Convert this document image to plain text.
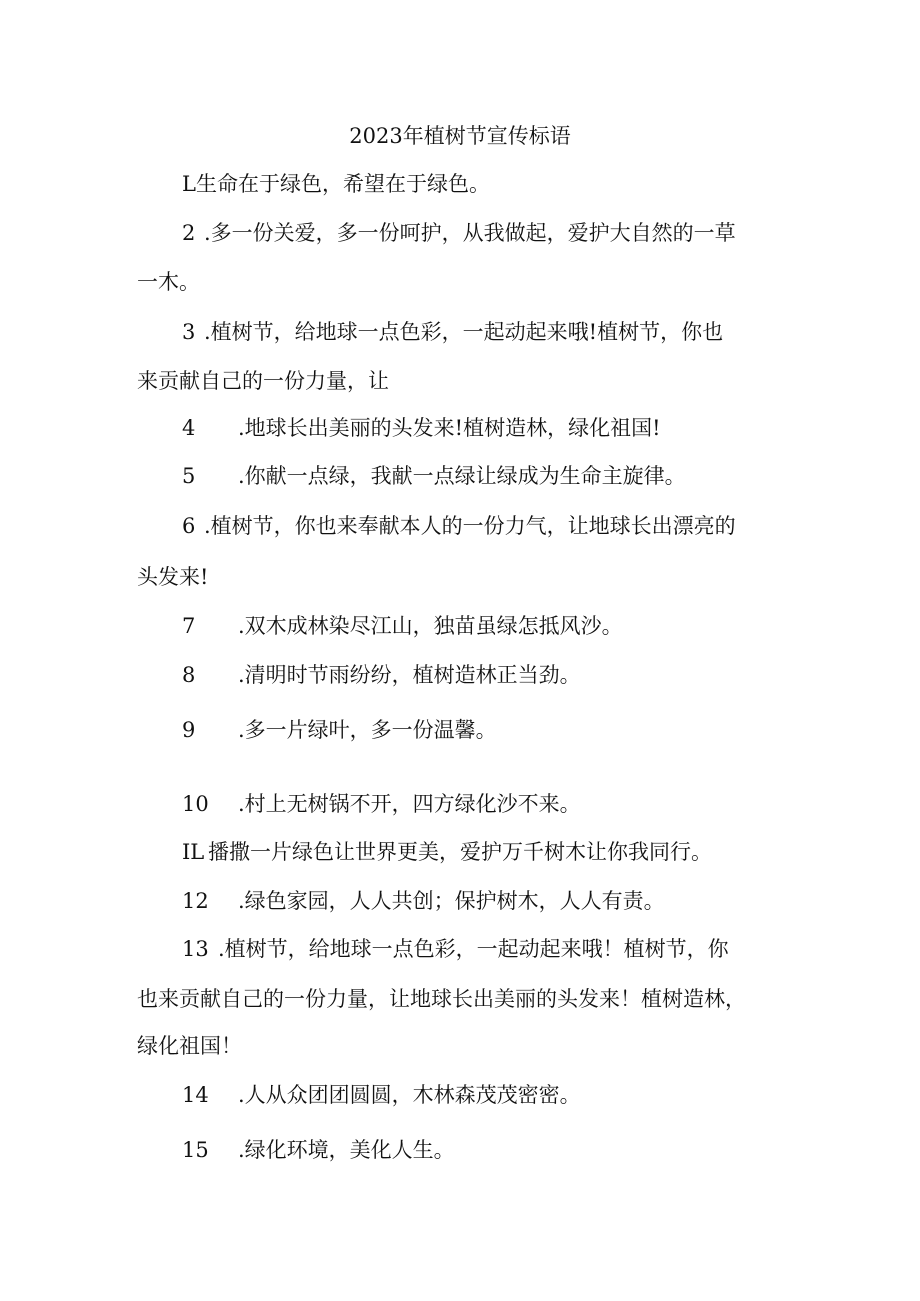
2023年植树节宣传标语
L生命在于绿色，希望在于绿色。
2 .多一份关爱，多一份呵护，从我做起，爱护大自然的一草
一木。
3 .植树节，给地球一点色彩，一起动起来哦!植树节，你也
来贡献自己的一份力量，让
4 .地球长出美丽的头发来!植树造林，绿化祖国!
5 .你献一点绿，我献一点绿让绿成为生命主旋律。
6 .植树节，你也来奉献本人的一份力气，让地球长出漂亮的
头发来!
7 .双木成林染尽江山，独苗虽绿怎抵风沙。
8 .清明时节雨纷纷，植树造林正当劲。
9 .多一片绿叶，多一份温馨。
10 .村上无树锅不开，四方绿化沙不来。
IL 播撒一片绿色让世界更美，爱护万千树木让你我同行。
12 .绿色家园，人人共创；保护树木，人人有责。
13 .植树节，给地球一点色彩，一起动起来哦！植树节，你
也来贡献自己的一份力量，让地球长出美丽的头发来！植树造林，
绿化祖国！
14 .人从众团团圆圆，木林森茂茂密密。
15 .绿化环境，美化人生。
